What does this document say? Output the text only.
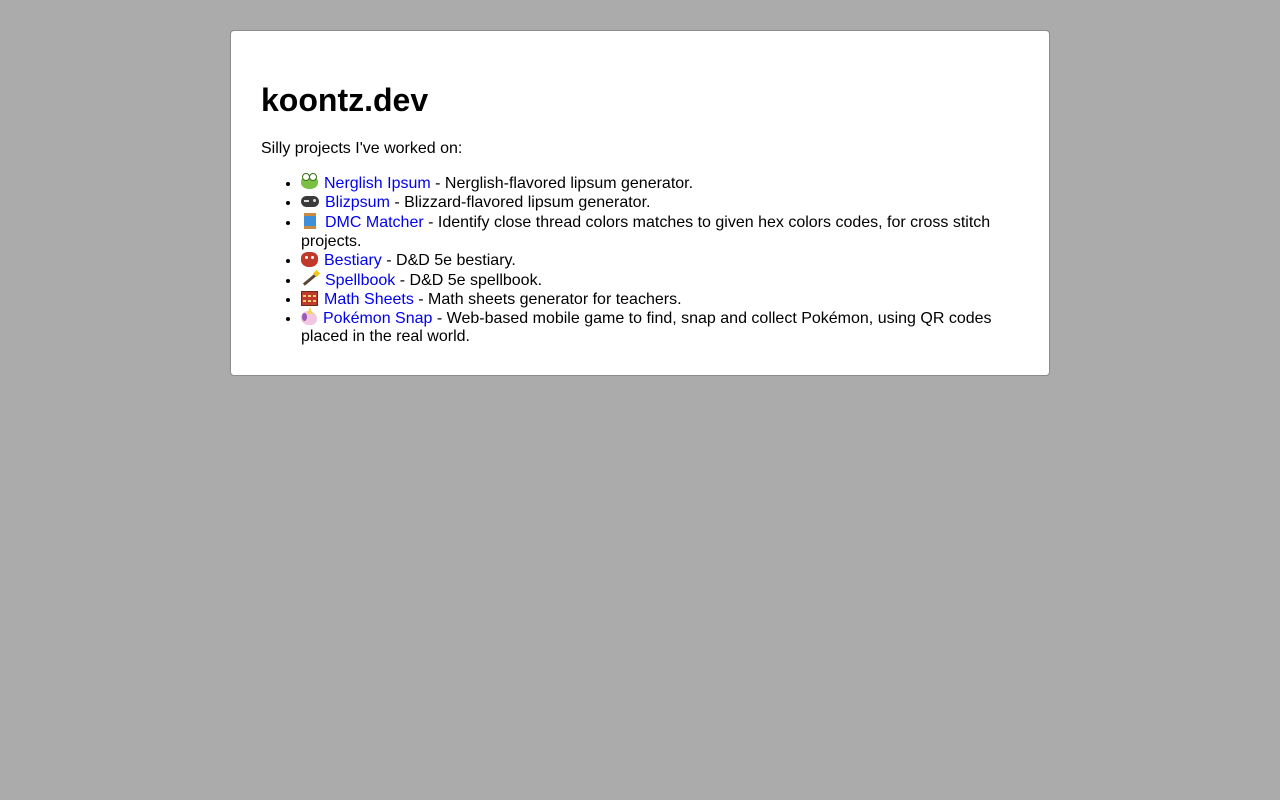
koontz.dev

Silly projects I've worked on:

• Nerglish Ipsum - Nerglish-flavored lipsum generator.
• Blizpsum - Blizzard-flavored lipsum generator.
• DMC Matcher - Identify close thread colors matches to given hex colors codes, for cross stitch projects.
• Bestiary - D&D 5e bestiary.
• Spellbook - D&D 5e spellbook.
• Math Sheets - Math sheets generator for teachers.
• Pokémon Snap - Web-based mobile game to find, snap and collect Pokémon, using QR codes placed in the real world.
